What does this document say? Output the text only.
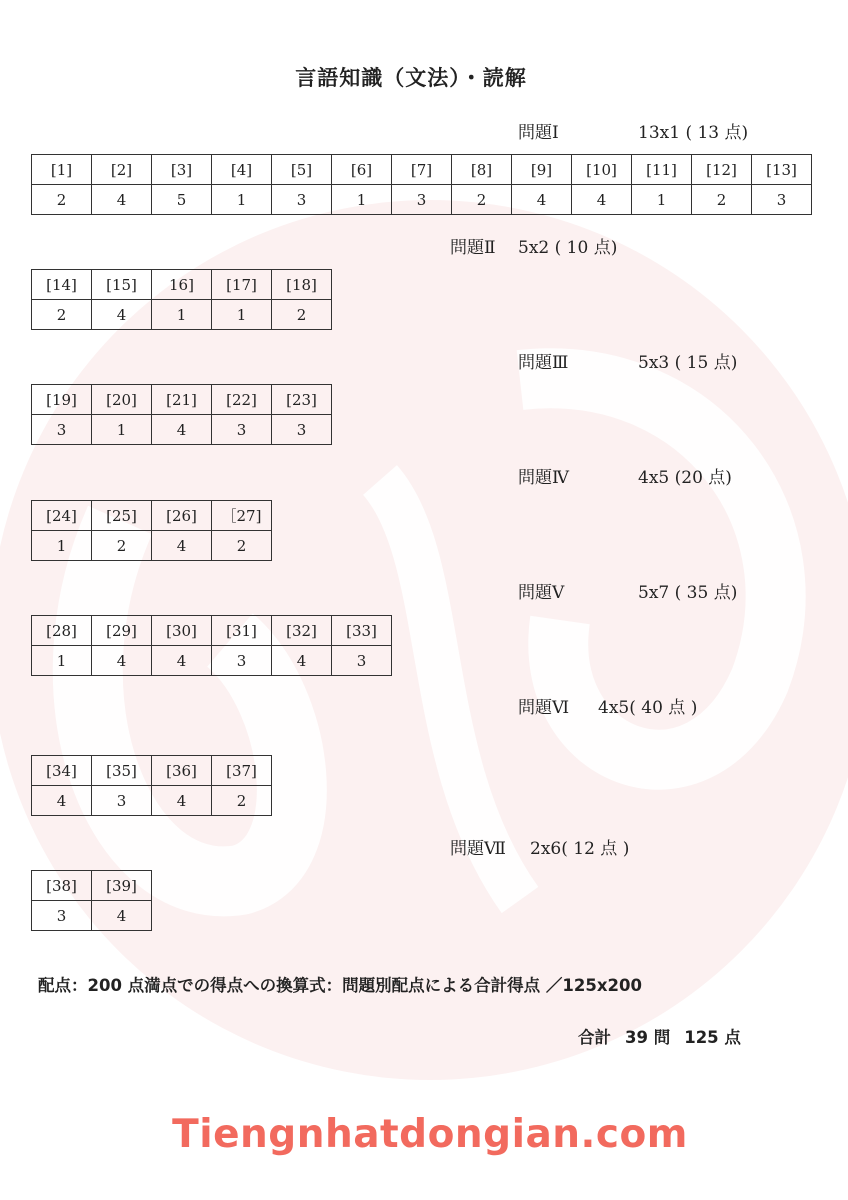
言語知識（文法）・読解
問題Ⅰ	13x1 ( 13 点)
[1]	[2]	[3]	[4]	[5]	[6]	[7]	[8]	[9]	[10]	[11]	[12]	[13]
2	4	5	1	3	1	3	2	4	4	1	2	3
問題Ⅱ 5x2 ( 10 点)
[14]	[15]	16]	[17]	[18]
2	4	1	1	2
問題Ⅲ	5x3 ( 15 点)
[19]	[20]	[21]	[22]	[23]
3	1	4	3	3
問題Ⅳ	4x5 (20 点)
[24]	[25]	[26]	［27]
1	2	4	2
問題Ⅴ	5x7 ( 35 点)
[28]	[29]	[30]	[31]	[32]	[33]
1	4	4	3	4	3
問題Ⅵ 4x5( 40 点 )
[34]	[35]	[36]	[37]
4	3	4	2
問題Ⅶ 2x6( 12 点 )
[38]	[39]
3	4
配点：200 点満点での得点への換算式：問題別配点による合計得点 ／125x200
合計 39 問 125 点
Tiengnhatdongian.com
